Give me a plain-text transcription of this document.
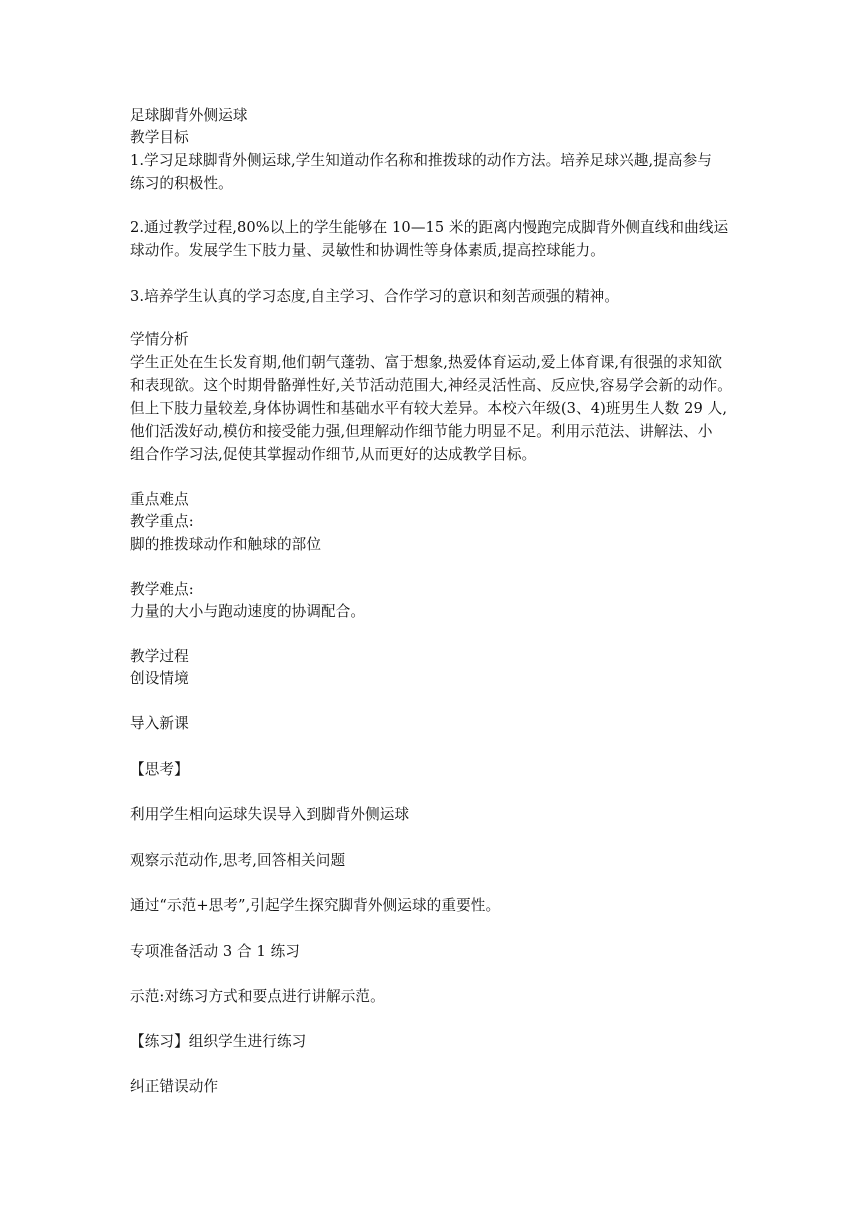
足球脚背外侧运球
教学目标
1.学习足球脚背外侧运球,学生知道动作名称和推拨球的动作方法。培养足球兴趣,提高参与
练习的积极性。
2.通过教学过程,80%以上的学生能够在 10—15 米的距离内慢跑完成脚背外侧直线和曲线运
球动作。发展学生下肢力量、灵敏性和协调性等身体素质,提高控球能力。
3.培养学生认真的学习态度,自主学习、合作学习的意识和刻苦顽强的精神。
学情分析
学生正处在生长发育期,他们朝气蓬勃、富于想象,热爱体育运动,爱上体育课,有很强的求知欲
和表现欲。这个时期骨骼弹性好,关节活动范围大,神经灵活性高、反应快,容易学会新的动作。
但上下肢力量较差,身体协调性和基础水平有较大差异。本校六年级(3、4)班男生人数 29 人,
他们活泼好动,模仿和接受能力强,但理解动作细节能力明显不足。利用示范法、讲解法、小
组合作学习法,促使其掌握动作细节,从而更好的达成教学目标。
重点难点
教学重点:
脚的推拨球动作和触球的部位
教学难点:
力量的大小与跑动速度的协调配合。
教学过程
创设情境
导入新课
【思考】
利用学生相向运球失误导入到脚背外侧运球
观察示范动作,思考,回答相关问题
通过“示范+思考”,引起学生探究脚背外侧运球的重要性。
专项准备活动 3 合 1 练习
示范:对练习方式和要点进行讲解示范。
【练习】组织学生进行练习
纠正错误动作
